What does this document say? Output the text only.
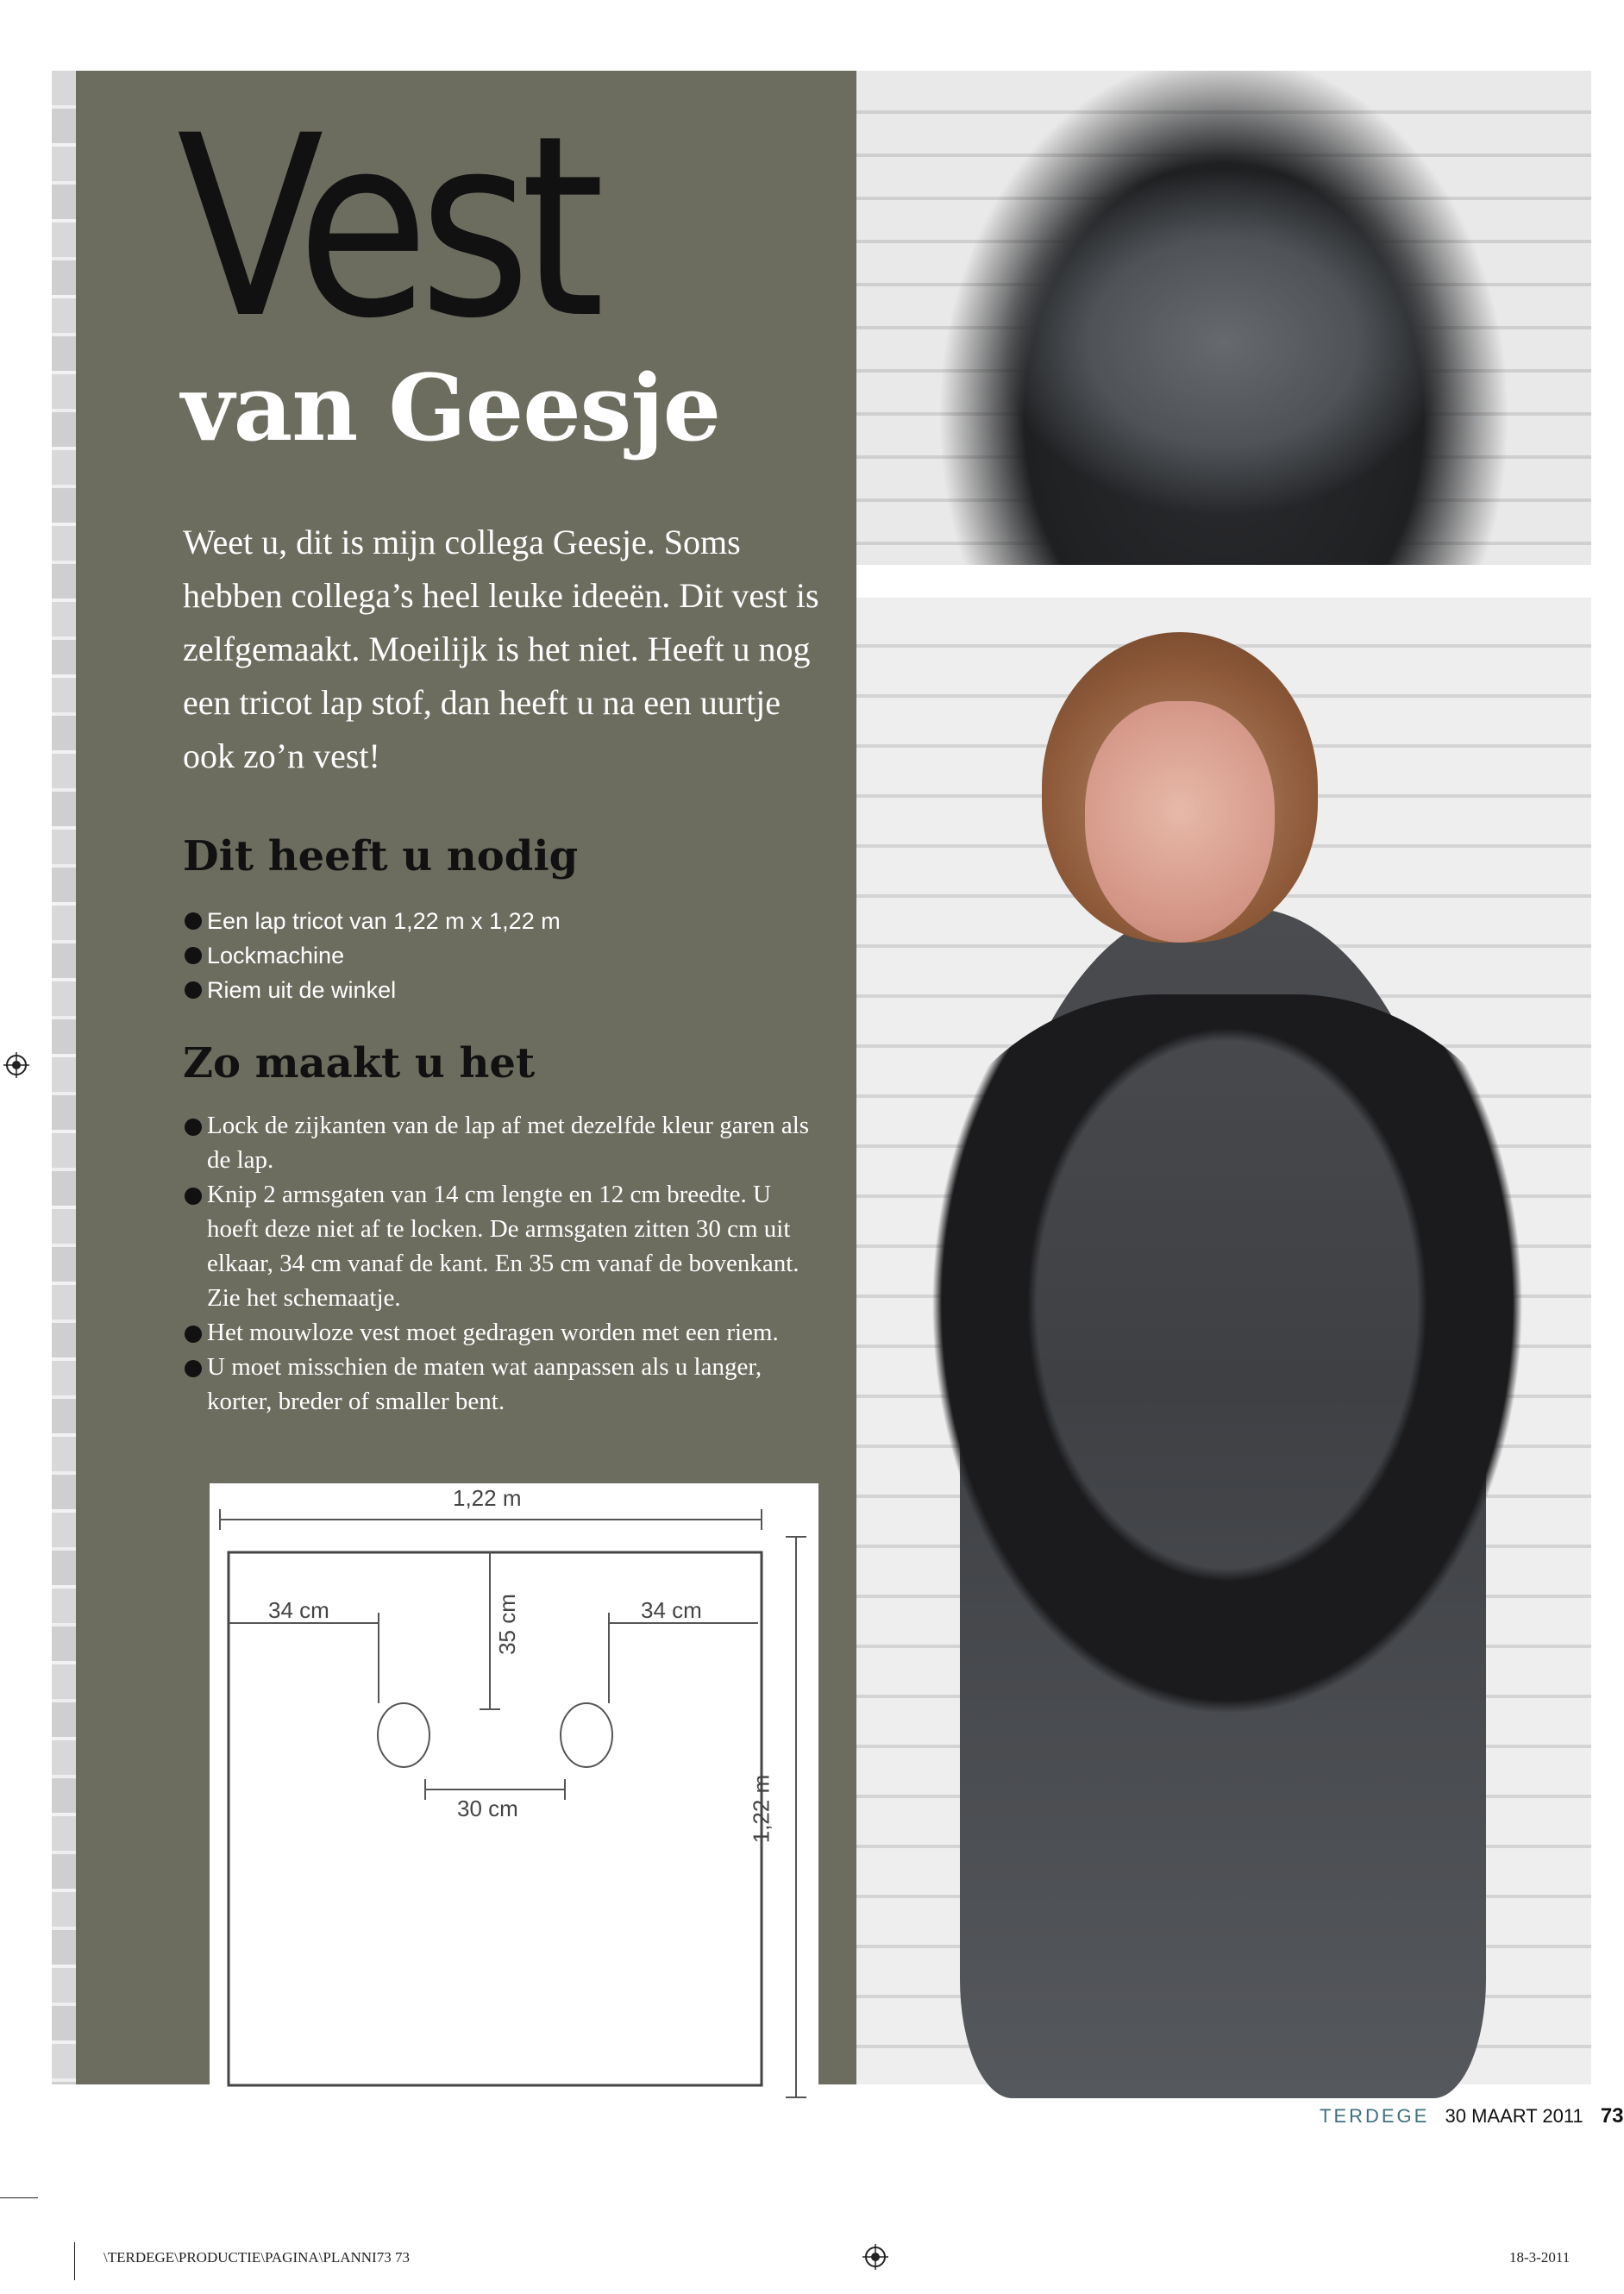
Vest
van Geesje
Weet u, dit is mijn collega Geesje. Soms hebben collega’s heel leuke ideeën. Dit vest is zelfgemaakt. Moeilijk is het niet. Heeft u nog een tricot lap stof, dan heeft u na een uurtje ook zo’n vest!
Dit heeft u nodig
Een lap tricot van 1,22 m x 1,22 m
Lockmachine
Riem uit de winkel
Zo maakt u het
Lock de zijkanten van de lap af met dezelfde kleur garen als de lap.
Knip 2 armsgaten van 14 cm lengte en 12 cm breedte. U hoeft deze niet af te locken. De armsgaten zitten 30 cm uit elkaar, 34 cm vanaf de kant. En 35 cm vanaf de bovenkant. Zie het schemaatje.
Het mouwloze vest moet gedragen worden met een riem.
U moet misschien de maten wat aanpassen als u langer, korter, breder of smaller bent.
1,22 m
34 cm	34 cm
35 cm
30 cm	1,22 m
TERDEGE 30 MAART 2011 73
\TERDEGE\PRODUCTIE\PAGINA\PLANNI73 73	18-3-2011
